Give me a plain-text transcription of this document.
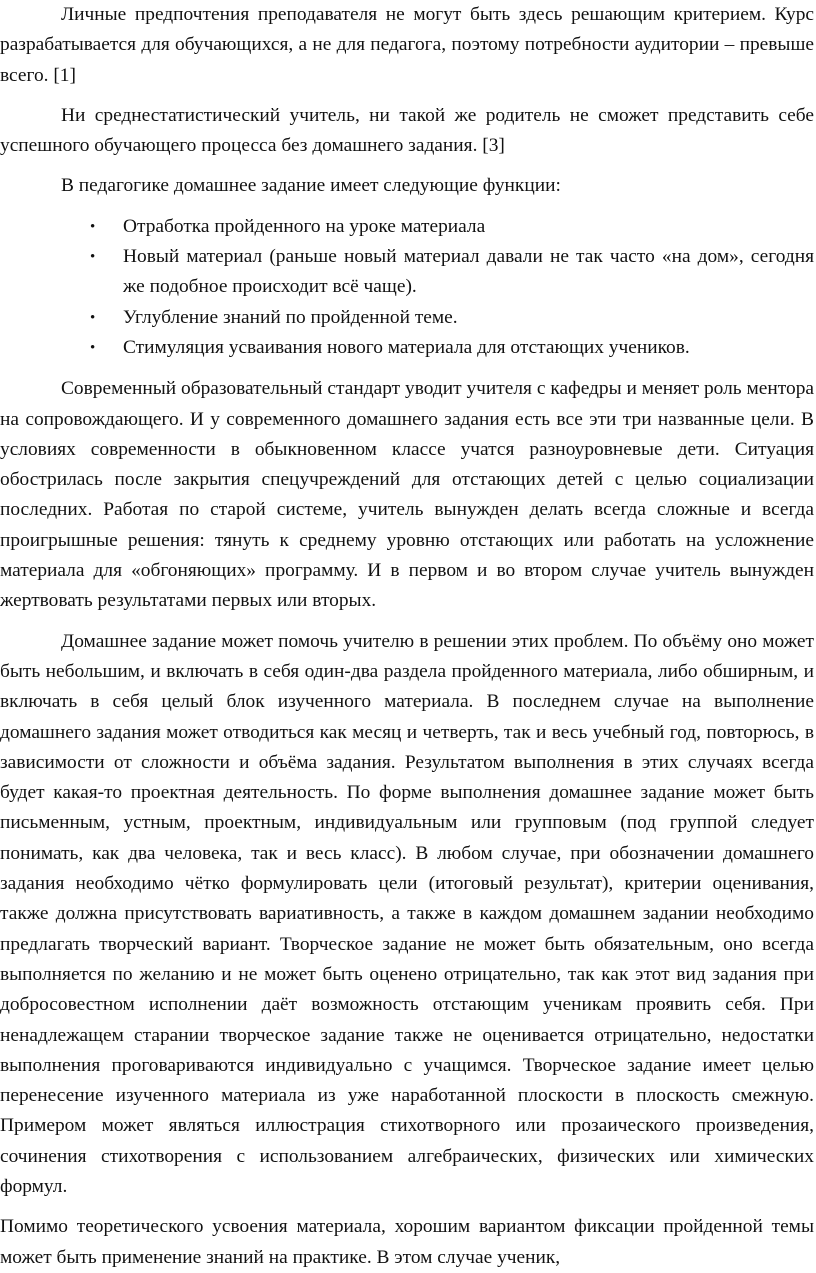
Личные предпочтения преподавателя не могут быть здесь решающим критерием. Курс разрабатывается для обучающихся, а не для педагога, поэтому потребности аудитории – превыше всего. [1]

Ни среднестатистический учитель, ни такой же родитель не сможет представить себе успешного обучающего процесса без домашнего задания. [3]

В педагогике домашнее задание имеет следующие функции:

• Отработка пройденного на уроке материала
• Новый материал (раньше новый материал давали не так часто «на дом», сегодня же подобное происходит всё чаще).
• Углубление знаний по пройденной теме.
• Стимуляция усваивания нового материала для отстающих учеников.

Современный образовательный стандарт уводит учителя с кафедры и меняет роль ментора на сопровождающего. И у современного домашнего задания есть все эти три названные цели. В условиях современности в обыкновенном классе учатся разноуровневые дети. Ситуация обострилась после закрытия спецучреждений для отстающих детей с целью социализации последних. Работая по старой системе, учитель вынужден делать всегда сложные и всегда проигрышные решения: тянуть к среднему уровню отстающих или работать на усложнение материала для «обгоняющих» программу. И в первом и во втором случае учитель вынужден жертвовать результатами первых или вторых.

Домашнее задание может помочь учителю в решении этих проблем. По объёму оно может быть небольшим, и включать в себя один-два раздела пройденного материала, либо обширным, и включать в себя целый блок изученного материала. В последнем случае на выполнение домашнего задания может отводиться как месяц и четверть, так и весь учебный год, повторюсь, в зависимости от сложности и объёма задания. Результатом выполнения в этих случаях всегда будет какая-то проектная деятельность. По форме выполнения домашнее задание может быть письменным, устным, проектным, индивидуальным или групповым (под группой следует понимать, как два человека, так и весь класс). В любом случае, при обозначении домашнего задания необходимо чётко формулировать цели (итоговый результат), критерии оценивания, также должна присутствовать вариативность, а также в каждом домашнем задании необходимо предлагать творческий вариант. Творческое задание не может быть обязательным, оно всегда выполняется по желанию и не может быть оценено отрицательно, так как этот вид задания при добросовестном исполнении даёт возможность отстающим ученикам проявить себя. При ненадлежащем старании творческое задание также не оценивается отрицательно, недостатки выполнения проговариваются индивидуально с учащимся. Творческое задание имеет целью перенесение изученного материала из уже наработанной плоскости в плоскость смежную. Примером может являться иллюстрация стихотворного или прозаического произведения, сочинения стихотворения с использованием алгебраических, физических или химических формул.

Помимо теоретического усвоения материала, хорошим вариантом фиксации пройденной темы может быть применение знаний на практике. В этом случае ученик,
